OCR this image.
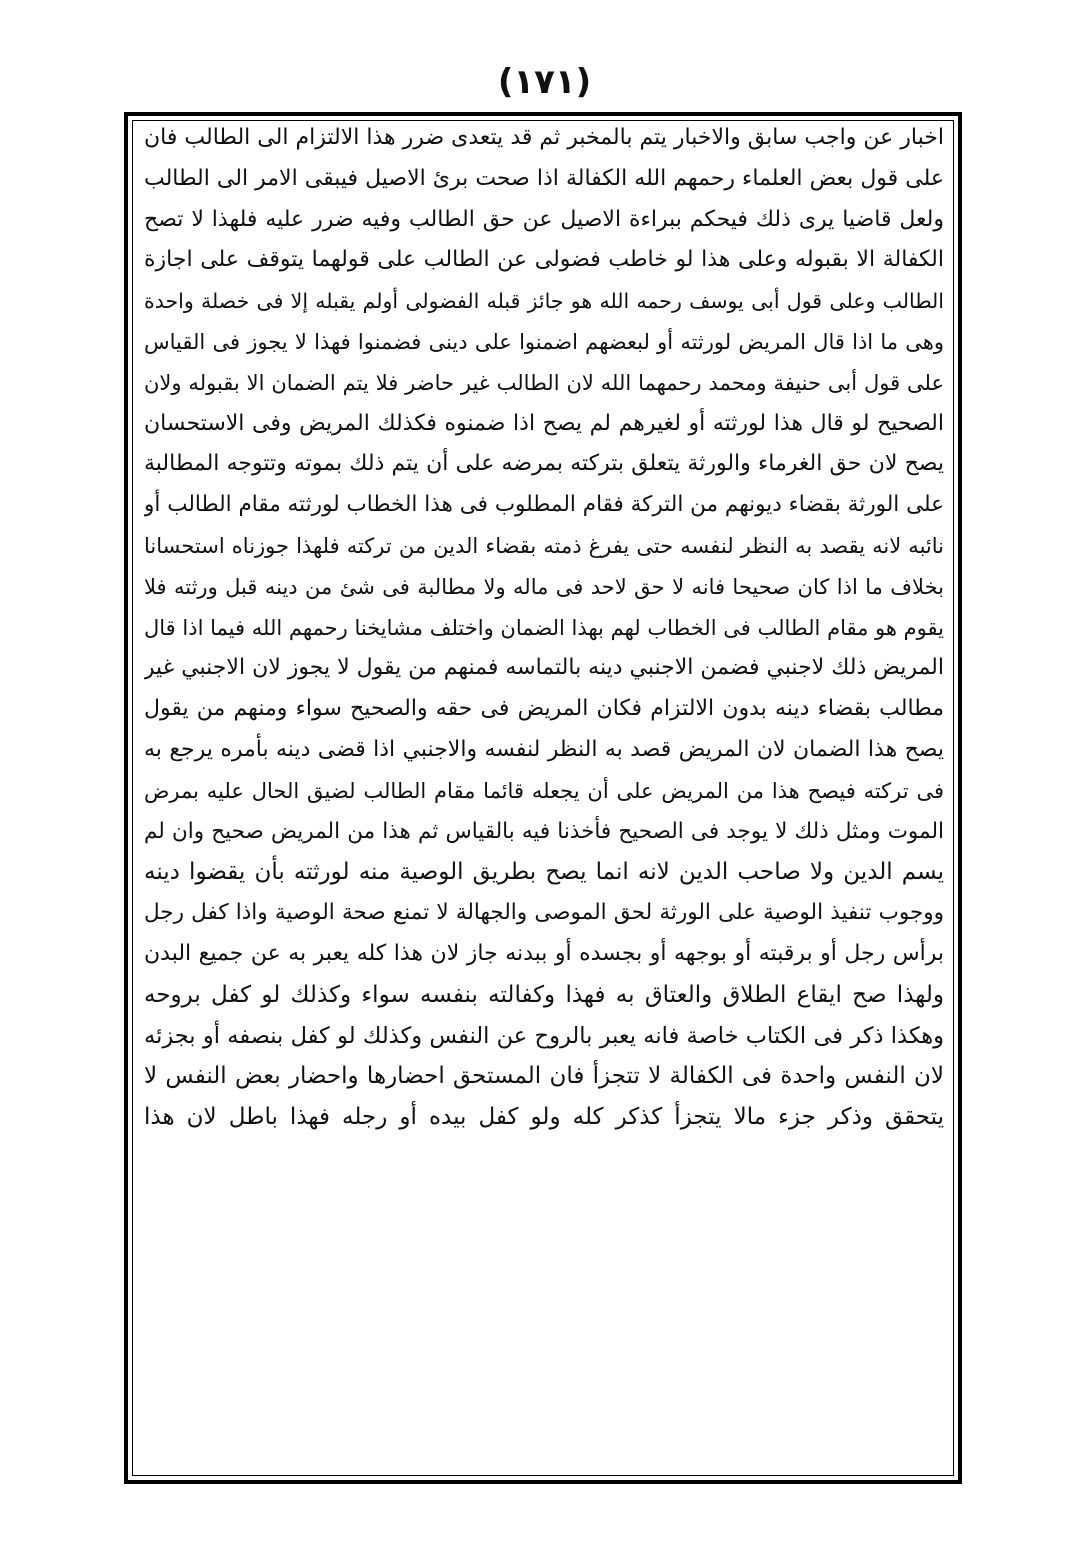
(١٧١)
اخبار عن واجب سابق والاخبار يتم بالمخبر ثم قد يتعدى ضرر هذا الالتزام الى الطالب فان
على قول بعض العلماء رحمهم الله الكفالة اذا صحت برئ الاصيل فيبقى الامر الى الطالب
ولعل قاضيا يرى ذلك فيحكم ببراءة الاصيل عن حق الطالب وفيه ضرر عليه فلهذا لا تصح
الكفالة الا بقبوله وعلى هذا لو خاطب فضولى عن الطالب على قولهما يتوقف على اجازة
الطالب وعلى قول أبى يوسف رحمه الله هو جائز قبله الفضولى أولم يقبله إلا فى خصلة واحدة
وهى ما اذا قال المريض لورثته أو لبعضهم اضمنوا على دينى فضمنوا فهذا لا يجوز فى القياس
على قول أبى حنيفة ومحمد رحمهما الله لان الطالب غير حاضر فلا يتم الضمان الا بقبوله ولان
الصحيح لو قال هذا لورثته أو لغيرهم لم يصح اذا ضمنوه فكذلك المريض وفى الاستحسان
يصح لان حق الغرماء والورثة يتعلق بتركته بمرضه على أن يتم ذلك بموته وتتوجه المطالبة
على الورثة بقضاء ديونهم من التركة فقام المطلوب فى هذا الخطاب لورثته مقام الطالب أو
نائبه لانه يقصد به النظر لنفسه حتى يفرغ ذمته بقضاء الدين من تركته فلهذا جوزناه استحسانا
بخلاف ما اذا كان صحيحا فانه لا حق لاحد فى ماله ولا مطالبة فى شئ من دينه قبل ورثته فلا
يقوم هو مقام الطالب فى الخطاب لهم بهذا الضمان واختلف مشايخنا رحمهم الله فيما اذا قال
المريض ذلك لاجنبي فضمن الاجنبي دينه بالتماسه فمنهم من يقول لا يجوز لان الاجنبي غير
مطالب بقضاء دينه بدون الالتزام فكان المريض فى حقه والصحيح سواء ومنهم من يقول
يصح هذا الضمان لان المريض قصد به النظر لنفسه والاجنبي اذا قضى دينه بأمره يرجع به
فى تركته فيصح هذا من المريض على أن يجعله قائما مقام الطالب لضيق الحال عليه بمرض
الموت ومثل ذلك لا يوجد فى الصحيح فأخذنا فيه بالقياس ثم هذا من المريض صحيح وان لم
يسم الدين ولا صاحب الدين لانه انما يصح بطريق الوصية منه لورثته بأن يقضوا دينه
ووجوب تنفيذ الوصية على الورثة لحق الموصى والجهالة لا تمنع صحة الوصية واذا كفل رجل
برأس رجل أو برقبته أو بوجهه أو بجسده أو ببدنه جاز لان هذا كله يعبر به عن جميع البدن
ولهذا صح ايقاع الطلاق والعتاق به فهذا وكفالته بنفسه سواء وكذلك لو كفل بروحه
وهكذا ذكر فى الكتاب خاصة فانه يعبر بالروح عن النفس وكذلك لو كفل بنصفه أو بجزئه
لان النفس واحدة فى الكفالة لا تتجزأ فان المستحق احضارها واحضار بعض النفس لا
يتحقق وذكر جزء مالا يتجزأ كذكر كله ولو كفل بيده أو رجله فهذا باطل لان هذا
